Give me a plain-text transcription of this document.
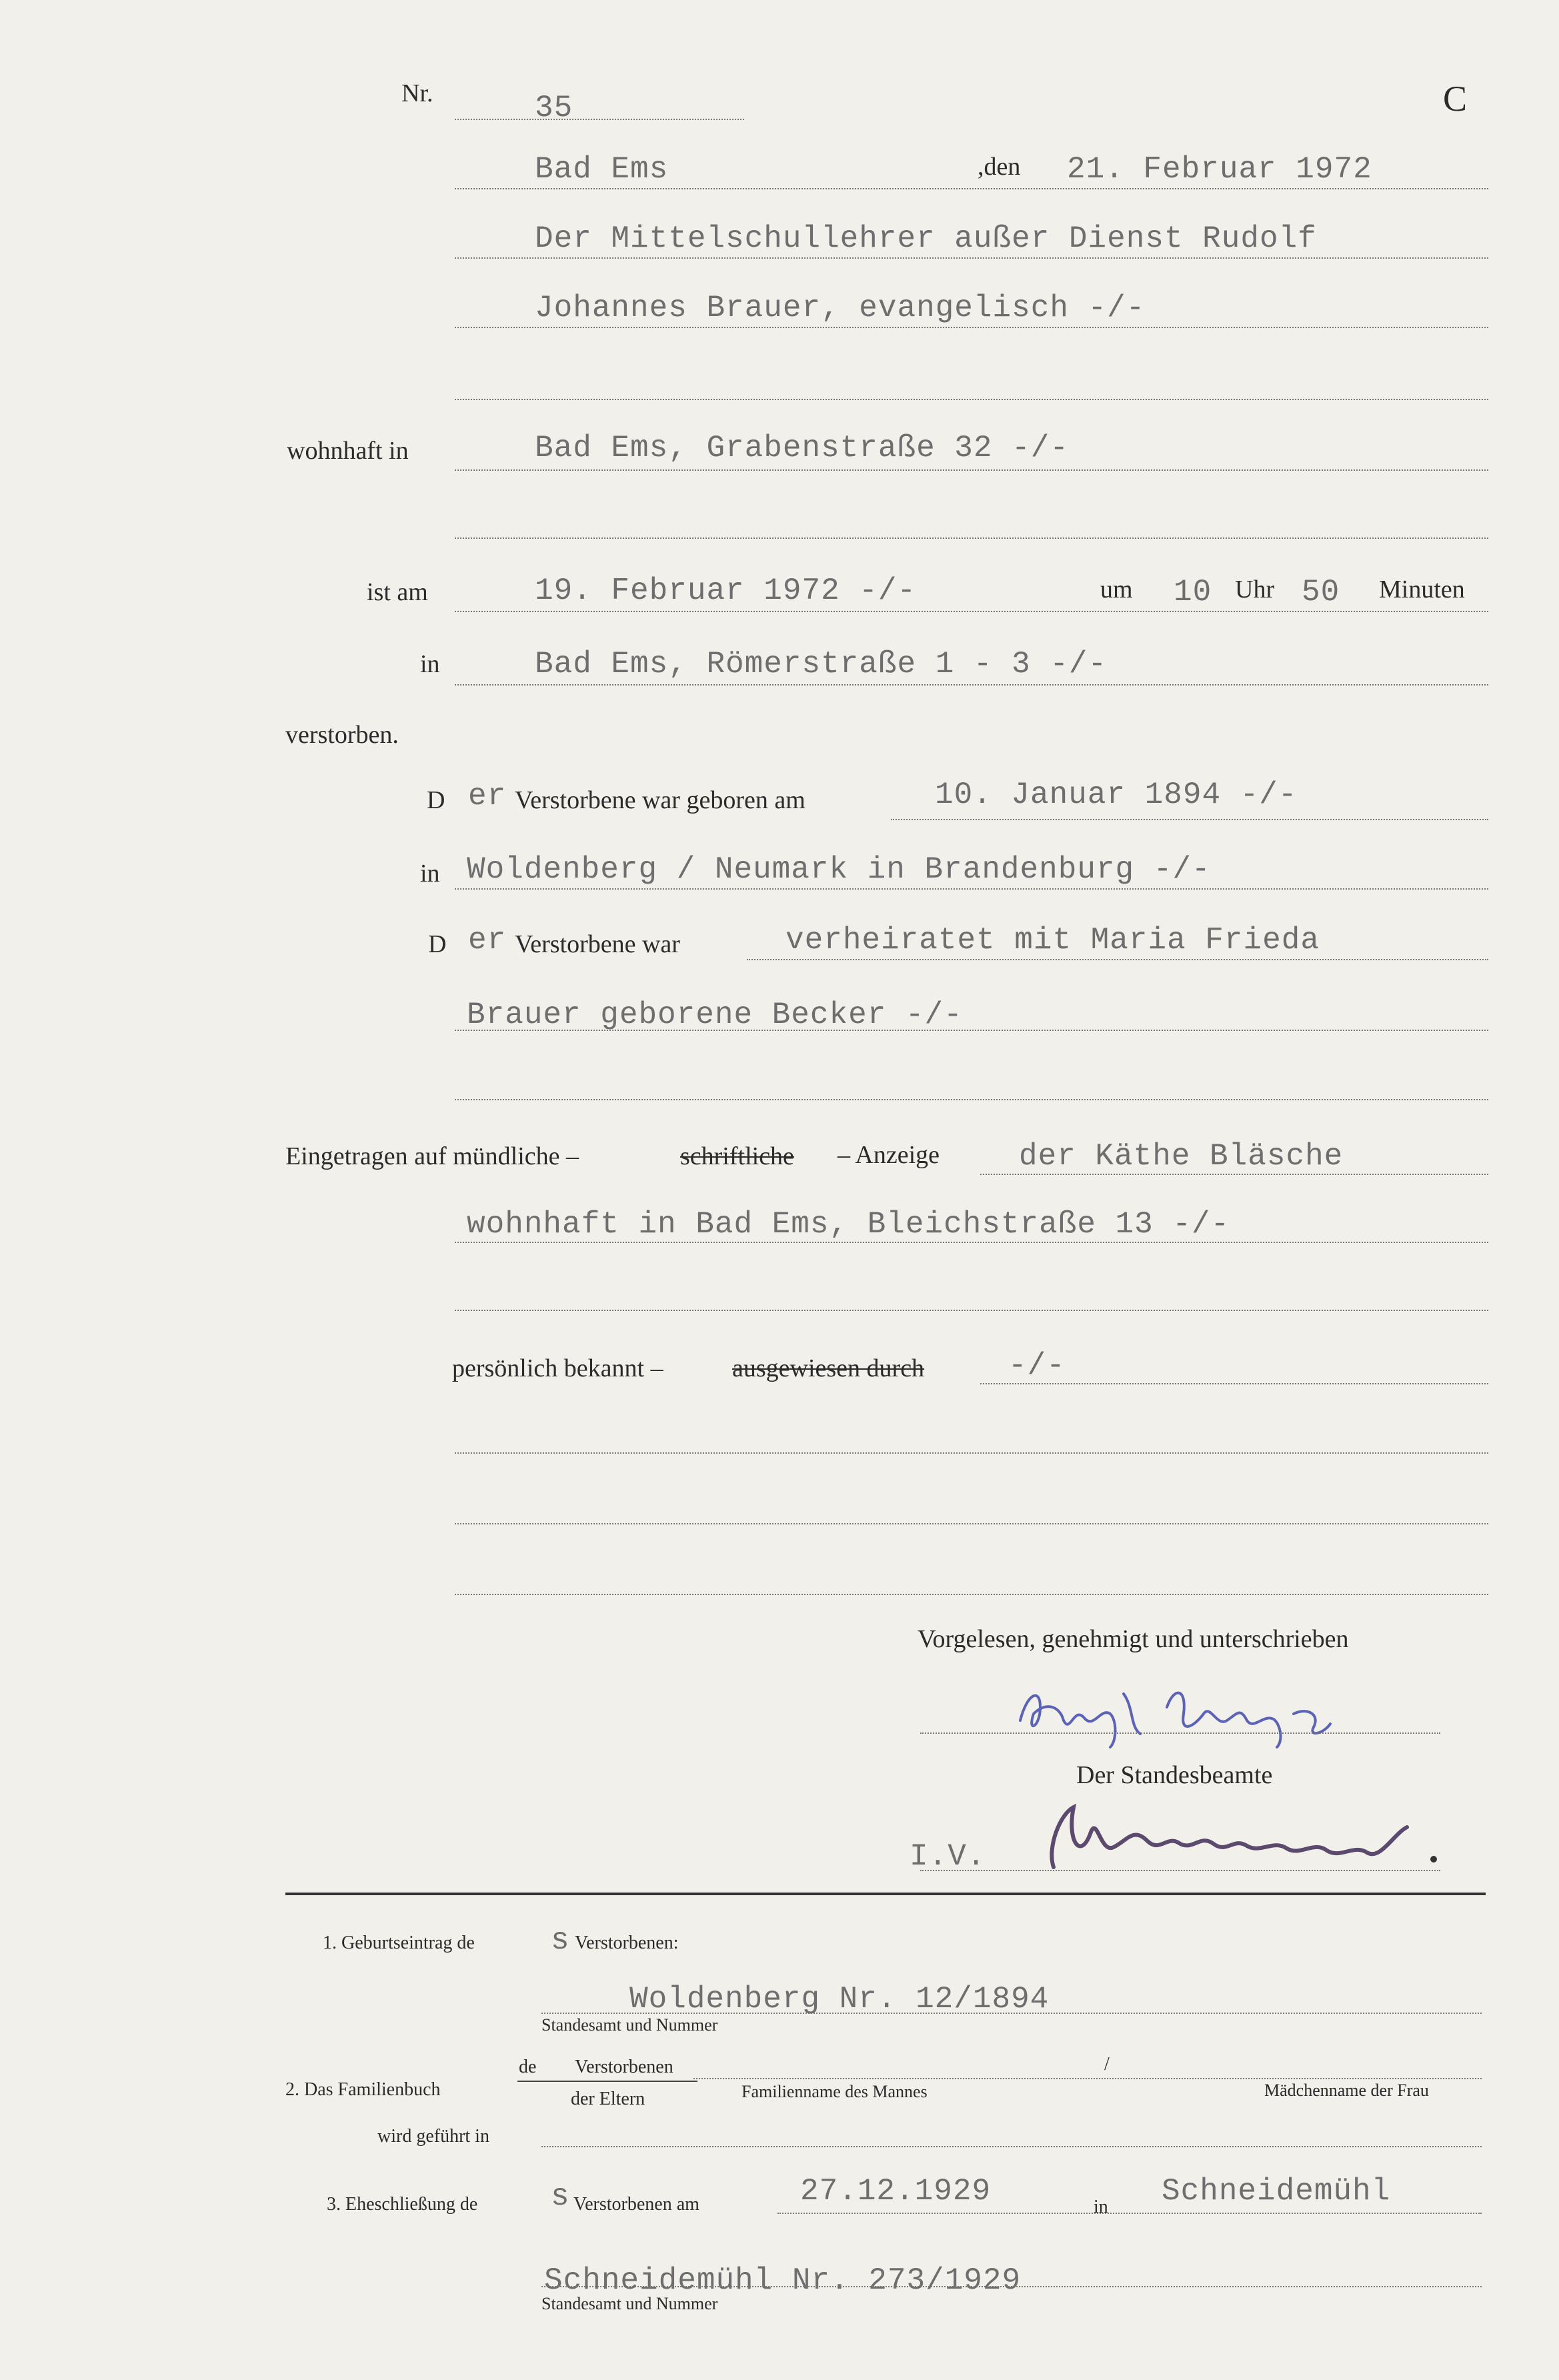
Nr.	35	C
Bad Ems	,den 21. Februar 1972
Der Mittelschullehrer außer Dienst Rudolf
Johannes Brauer, evangelisch -/-
wohnhaft in	Bad Ems, Grabenstraße 32 -/-
ist am	19. Februar 1972 -/-	um 10 Uhr 50 Minuten
in	Bad Ems, Römerstraße 1 - 3 -/-
verstorben.
D er Verstorbene war geboren am	10. Januar 1894 -/-
in Woldenberg / Neumark in Brandenburg -/-
D er Verstorbene war	verheiratet mit Maria Frieda
Brauer geborene Becker -/-
Eingetragen auf mündliche –	schriftliche – Anzeige	der Käthe Bläsche
wohnhaft in Bad Ems, Bleichstraße 13 -/-
persönlich bekannt –	ausgewiesen durch	-/-
Vorgelesen, genehmigt und unterschrieben
Der Standesbeamte
I.V.
1. Geburtseintrag de s Verstorbenen:
Woldenberg Nr. 12/1894
Standesamt und Nummer
2. Das Familienbuch
de Verstorbenen
der Eltern
/
Familienname des Mannes	Mädchenname der Frau
wird geführt in
3. Eheschließung de s Verstorbenen am	27.12.1929	in Schneidemühl
Schneidemühl Nr. 273/1929
Standesamt und Nummer
